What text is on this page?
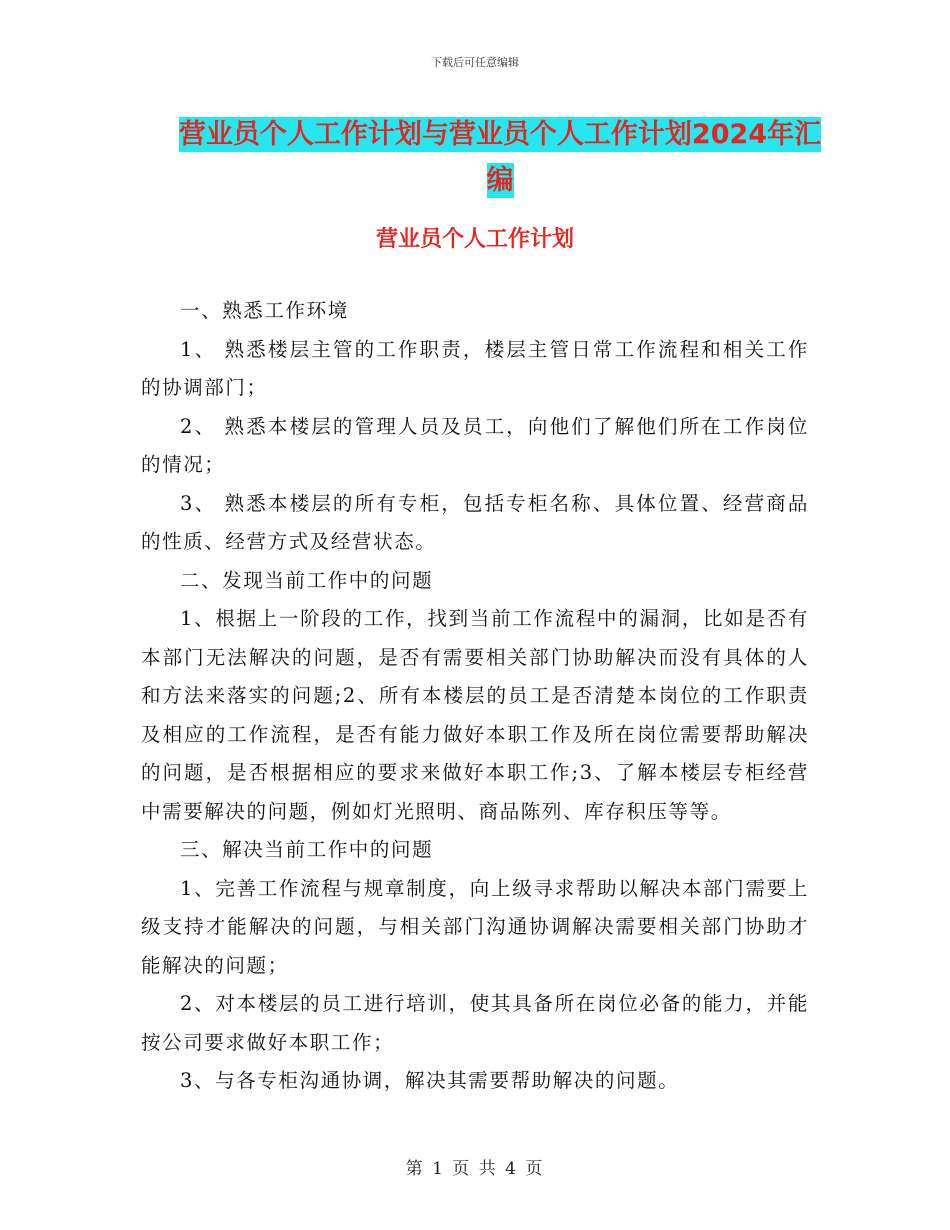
下载后可任意编辑
营业员个人工作计划与营业员个人工作计划2024年汇
编
营业员个人工作计划

一、熟悉工作环境

1、 熟悉楼层主管的工作职责，楼层主管日常工作流程和相关工作的协调部门；

2、 熟悉本楼层的管理人员及员工，向他们了解他们所在工作岗位的情况；

3、 熟悉本楼层的所有专柜，包括专柜名称、具体位置、经营商品的性质、经营方式及经营状态。

二、发现当前工作中的问题

1、根据上一阶段的工作，找到当前工作流程中的漏洞，比如是否有本部门无法解决的问题，是否有需要相关部门协助解决而没有具体的人和方法来落实的问题;2、所有本楼层的员工是否清楚本岗位的工作职责及相应的工作流程，是否有能力做好本职工作及所在岗位需要帮助解决的问题，是否根据相应的要求来做好本职工作;3、了解本楼层专柜经营中需要解决的问题，例如灯光照明、商品陈列、库存积压等等。

三、解决当前工作中的问题

1、完善工作流程与规章制度，向上级寻求帮助以解决本部门需要上级支持才能解决的问题，与相关部门沟通协调解决需要相关部门协助才能解决的问题；

2、对本楼层的员工进行培训，使其具备所在岗位必备的能力，并能按公司要求做好本职工作；

3、与各专柜沟通协调，解决其需要帮助解决的问题。

第 1 页 共 4 页
